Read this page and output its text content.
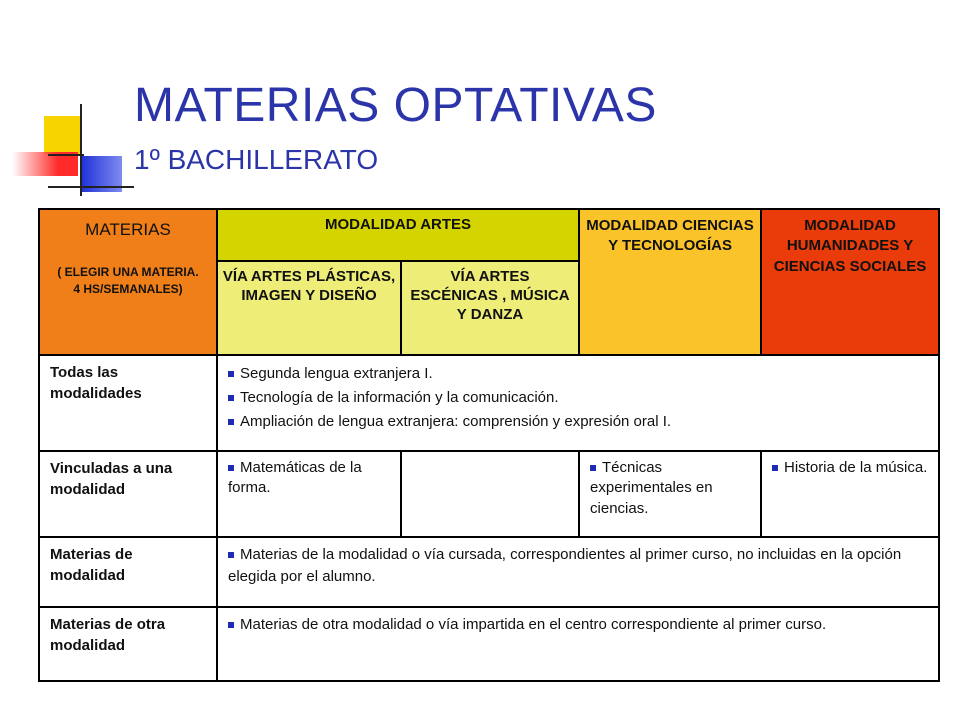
MATERIAS OPTATIVAS
1º BACHILLERATO
MATERIAS
( ELEGIR UNA MATERIA.
4 HS/SEMANALES)	MODALIDAD ARTES		MODALIDAD CIENCIAS Y TECNOLOGÍAS	MODALIDAD HUMANIDADES Y CIENCIAS SOCIALES
	VÍA ARTES PLÁSTICAS, IMAGEN Y DISEÑO	VÍA ARTES ESCÉNICAS , MÚSICA Y DANZA		
Todas las modalidades	Segunda lengua extranjera I.
Tecnología de la información y la comunicación.
Ampliación de lengua extranjera: comprensión y expresión oral I.			

Vinculadas a una modalidad	Matemáticas de la forma.		Técnicas experimentales en ciencias.	Historia de la música.
Materias de modalidad	Materias de la modalidad o vía cursada, correspondientes al primer curso, no incluidas en la opción elegida por el alumno.			
Materias de otra modalidad	Materias de otra modalidad o vía impartida en el centro correspondiente al primer curso.			
